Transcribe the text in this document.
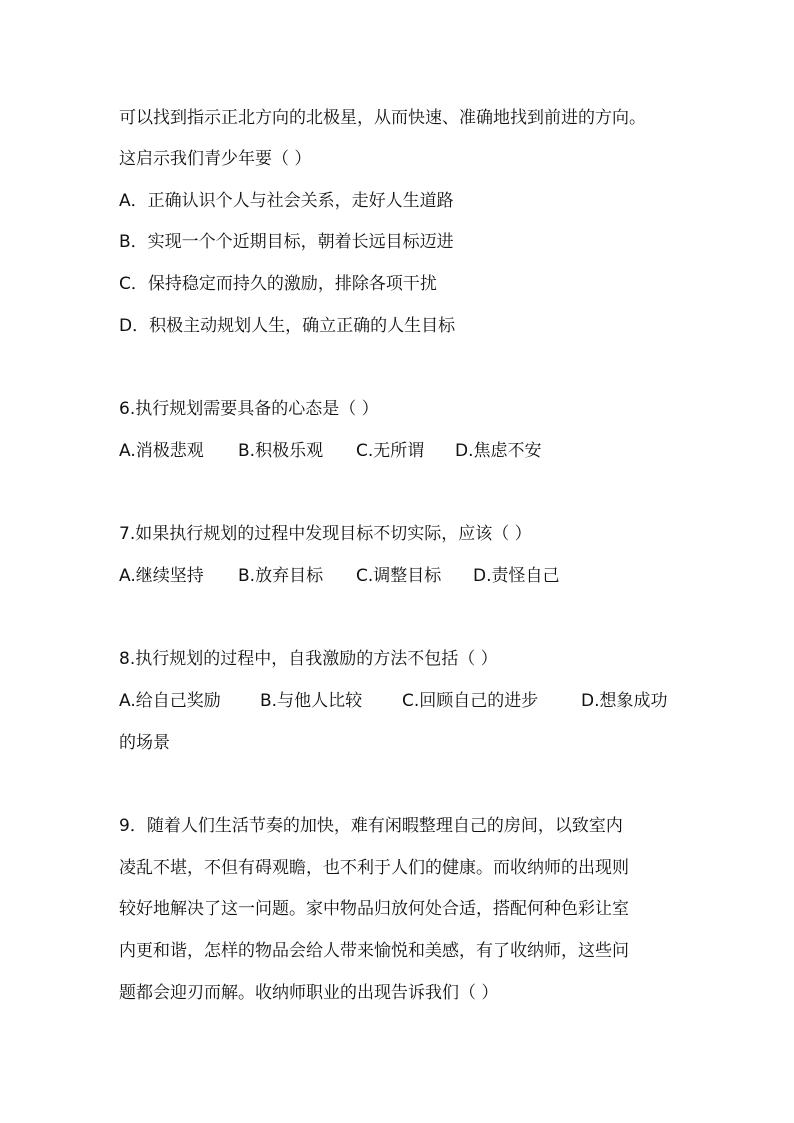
可以找到指示正北方向的北极星，从而快速、准确地找到前进的方向。
这启示我们青少年要（ ）
A．正确认识个人与社会关系，走好人生道路
B．实现一个个近期目标，朝着长远目标迈进
C．保持稳定而持久的激励，排除各项干扰
D．积极主动规划人生，确立正确的人生目标
6.执行规划需要具备的心态是（ ）
A.消极悲观 B.积极乐观 C.无所谓 D.焦虑不安
7.如果执行规划的过程中发现目标不切实际，应该（ ）
A.继续坚持 B.放弃目标 C.调整目标 D.责怪自己
8.执行规划的过程中，自我激励的方法不包括（ ）
A.给自己奖励 B.与他人比较 C.回顾自己的进步	D.想象成功
的场景
9．随着人们生活节奏的加快，难有闲暇整理自己的房间，以致室内
凌乱不堪，不但有碍观瞻，也不利于人们的健康。而收纳师的出现则
较好地解决了这一问题。家中物品归放何处合适，搭配何种色彩让室
内更和谐，怎样的物品会给人带来愉悦和美感，有了收纳师，这些问
题都会迎刃而解。收纳师职业的出现告诉我们（ ）
